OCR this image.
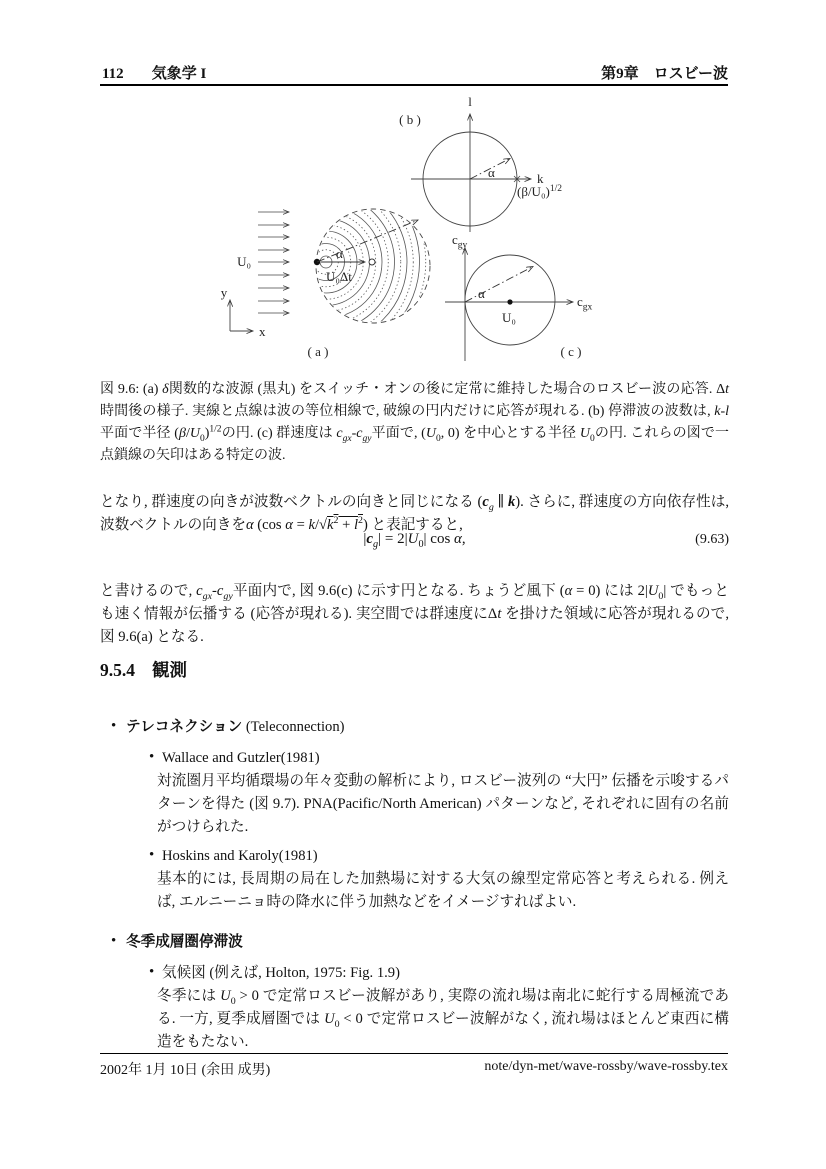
112 気象学 I	第9章　ロスビー波
U₀
y
x
α
U₀Δt
( a )
l
k
α
$(\beta/U_0)^{1/2}$
( b )
$c_{gy}$
$c_{gx}$
α
U₀
( c )
図 9.6: (a) δ関数的な波源 (黒丸) をスイッチ・オンの後に定常に維持した場合のロスビー波の応答. Δt 時間後の様子. 実線と点線は波の等位相線で, 破線の円内だけに応答が現れる. (b) 停滞波の波数は, k-l平面で半径 $(\beta/U_0)^{1/2}$の円. (c) 群速度は $c_{gx}-c_{gy}$平面で, ($U_0$, 0) を中心とする半径 $U_0$の円. これらの図で一点鎖線の矢印はある特定の波.

となり, 群速度の向きが波数ベクトルの向きと同じになる ($c_g$ ∥ k). さらに, 群速度の方向依存性は, 波数ベクトルの向きをα (cos $\alpha = k/√k^2 + l^2$) と表記すると,

$|c_g| = 2|U_0|$ cos α,	(9.63)

と書けるので, $c_{gx}-c_{gy}$平面内で, 図 9.6(c) に示す円となる. ちょうど風下 (α = 0) には $2|U_0|$ でもっとも速く情報が伝播する (応答が現れる). 実空間では群速度にΔt を掛けた領域に応答が現れるので, 図 9.6(a) となる.

9.5.4 観測
•
テレコネクション (Teleconnection)
•
Wallace and Gutzler(1981)
対流圏月平均循環場の年々変動の解析により, ロスビー波列の “大円” 伝播を示唆するパターンを得た (図 9.7). PNA(Pacific/North American) パターンなど, それぞれに固有の名前がつけられた.
•
Hoskins and Karoly(1981)
基本的には, 長周期の局在した加熱場に対する大気の線型定常応答と考えられる. 例えば, エルニーニョ時の降水に伴う加熱などをイメージすればよい.
•
冬季成層圏停滞波
•
気候図 (例えば, Holton, 1975: Fig. 1.9)
冬季には $U_0 > 0$ で定常ロスビー波解があり, 実際の流れ場は南北に蛇行する周極流である. 一方, 夏季成層圏では $U_0 < 0$ で定常ロスビー波解がなく, 流れ場はほとんど東西に構造をもたない.
2002年 1月 10日 (余田 成男)	note/dyn-met/wave-rossby/wave-rossby.tex
